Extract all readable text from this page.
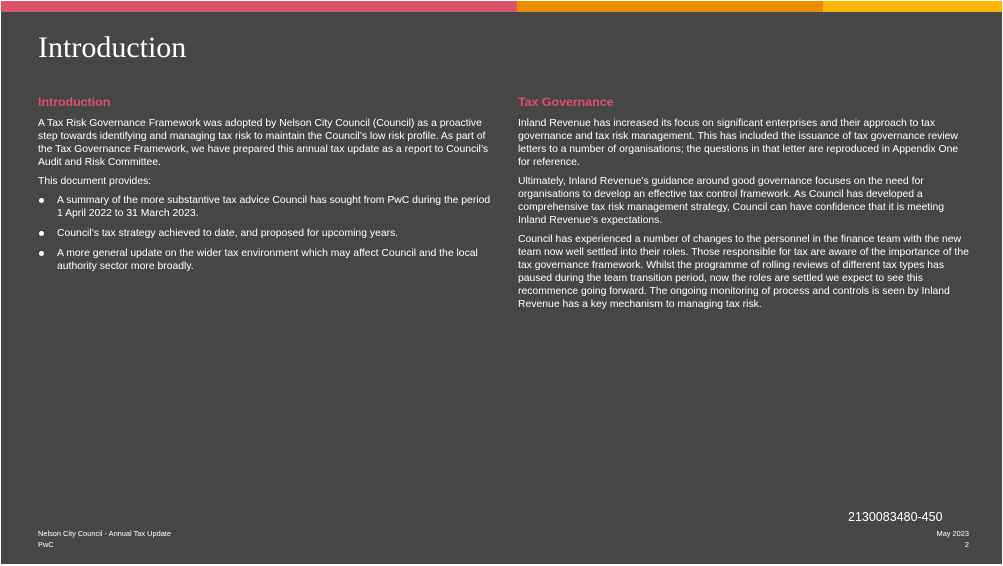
Introduction
Introduction

A Tax Risk Governance Framework was adopted by Nelson City Council (Council) as a proactive step towards identifying and managing tax risk to maintain the Council’s low risk profile. As part of the Tax Governance Framework, we have prepared this annual tax update as a report to Council’s Audit and Risk Committee.

This document provides:

A summary of the more substantive tax advice Council has sought from PwC during the period 1 April 2022 to 31 March 2023.
Council’s tax strategy achieved to date, and proposed for upcoming years.
A more general update on the wider tax environment which may affect Council and the local authority sector more broadly.
Tax Governance

Inland Revenue has increased its focus on significant enterprises and their approach to tax governance and tax risk management. This has included the issuance of tax governance review letters to a number of organisations; the questions in that letter are reproduced in Appendix One for reference.

Ultimately, Inland Revenue’s guidance around good governance focuses on the need for organisations to develop an effective tax control framework. As Council has developed a comprehensive tax risk management strategy, Council can have confidence that it is meeting Inland Revenue’s expectations.

Council has experienced a number of changes to the personnel in the finance team with the new team now well settled into their roles. Those responsible for tax are aware of the importance of the tax governance framework. Whilst the programme of rolling reviews of different tax types has paused during the team transition period, now the roles are settled we expect to see this recommence going forward. The ongoing monitoring of process and controls is seen by Inland Revenue has a key mechanism to managing tax risk.

2130083480-450
Nelson City Council - Annual Tax Update
PwC
May 2023
2
